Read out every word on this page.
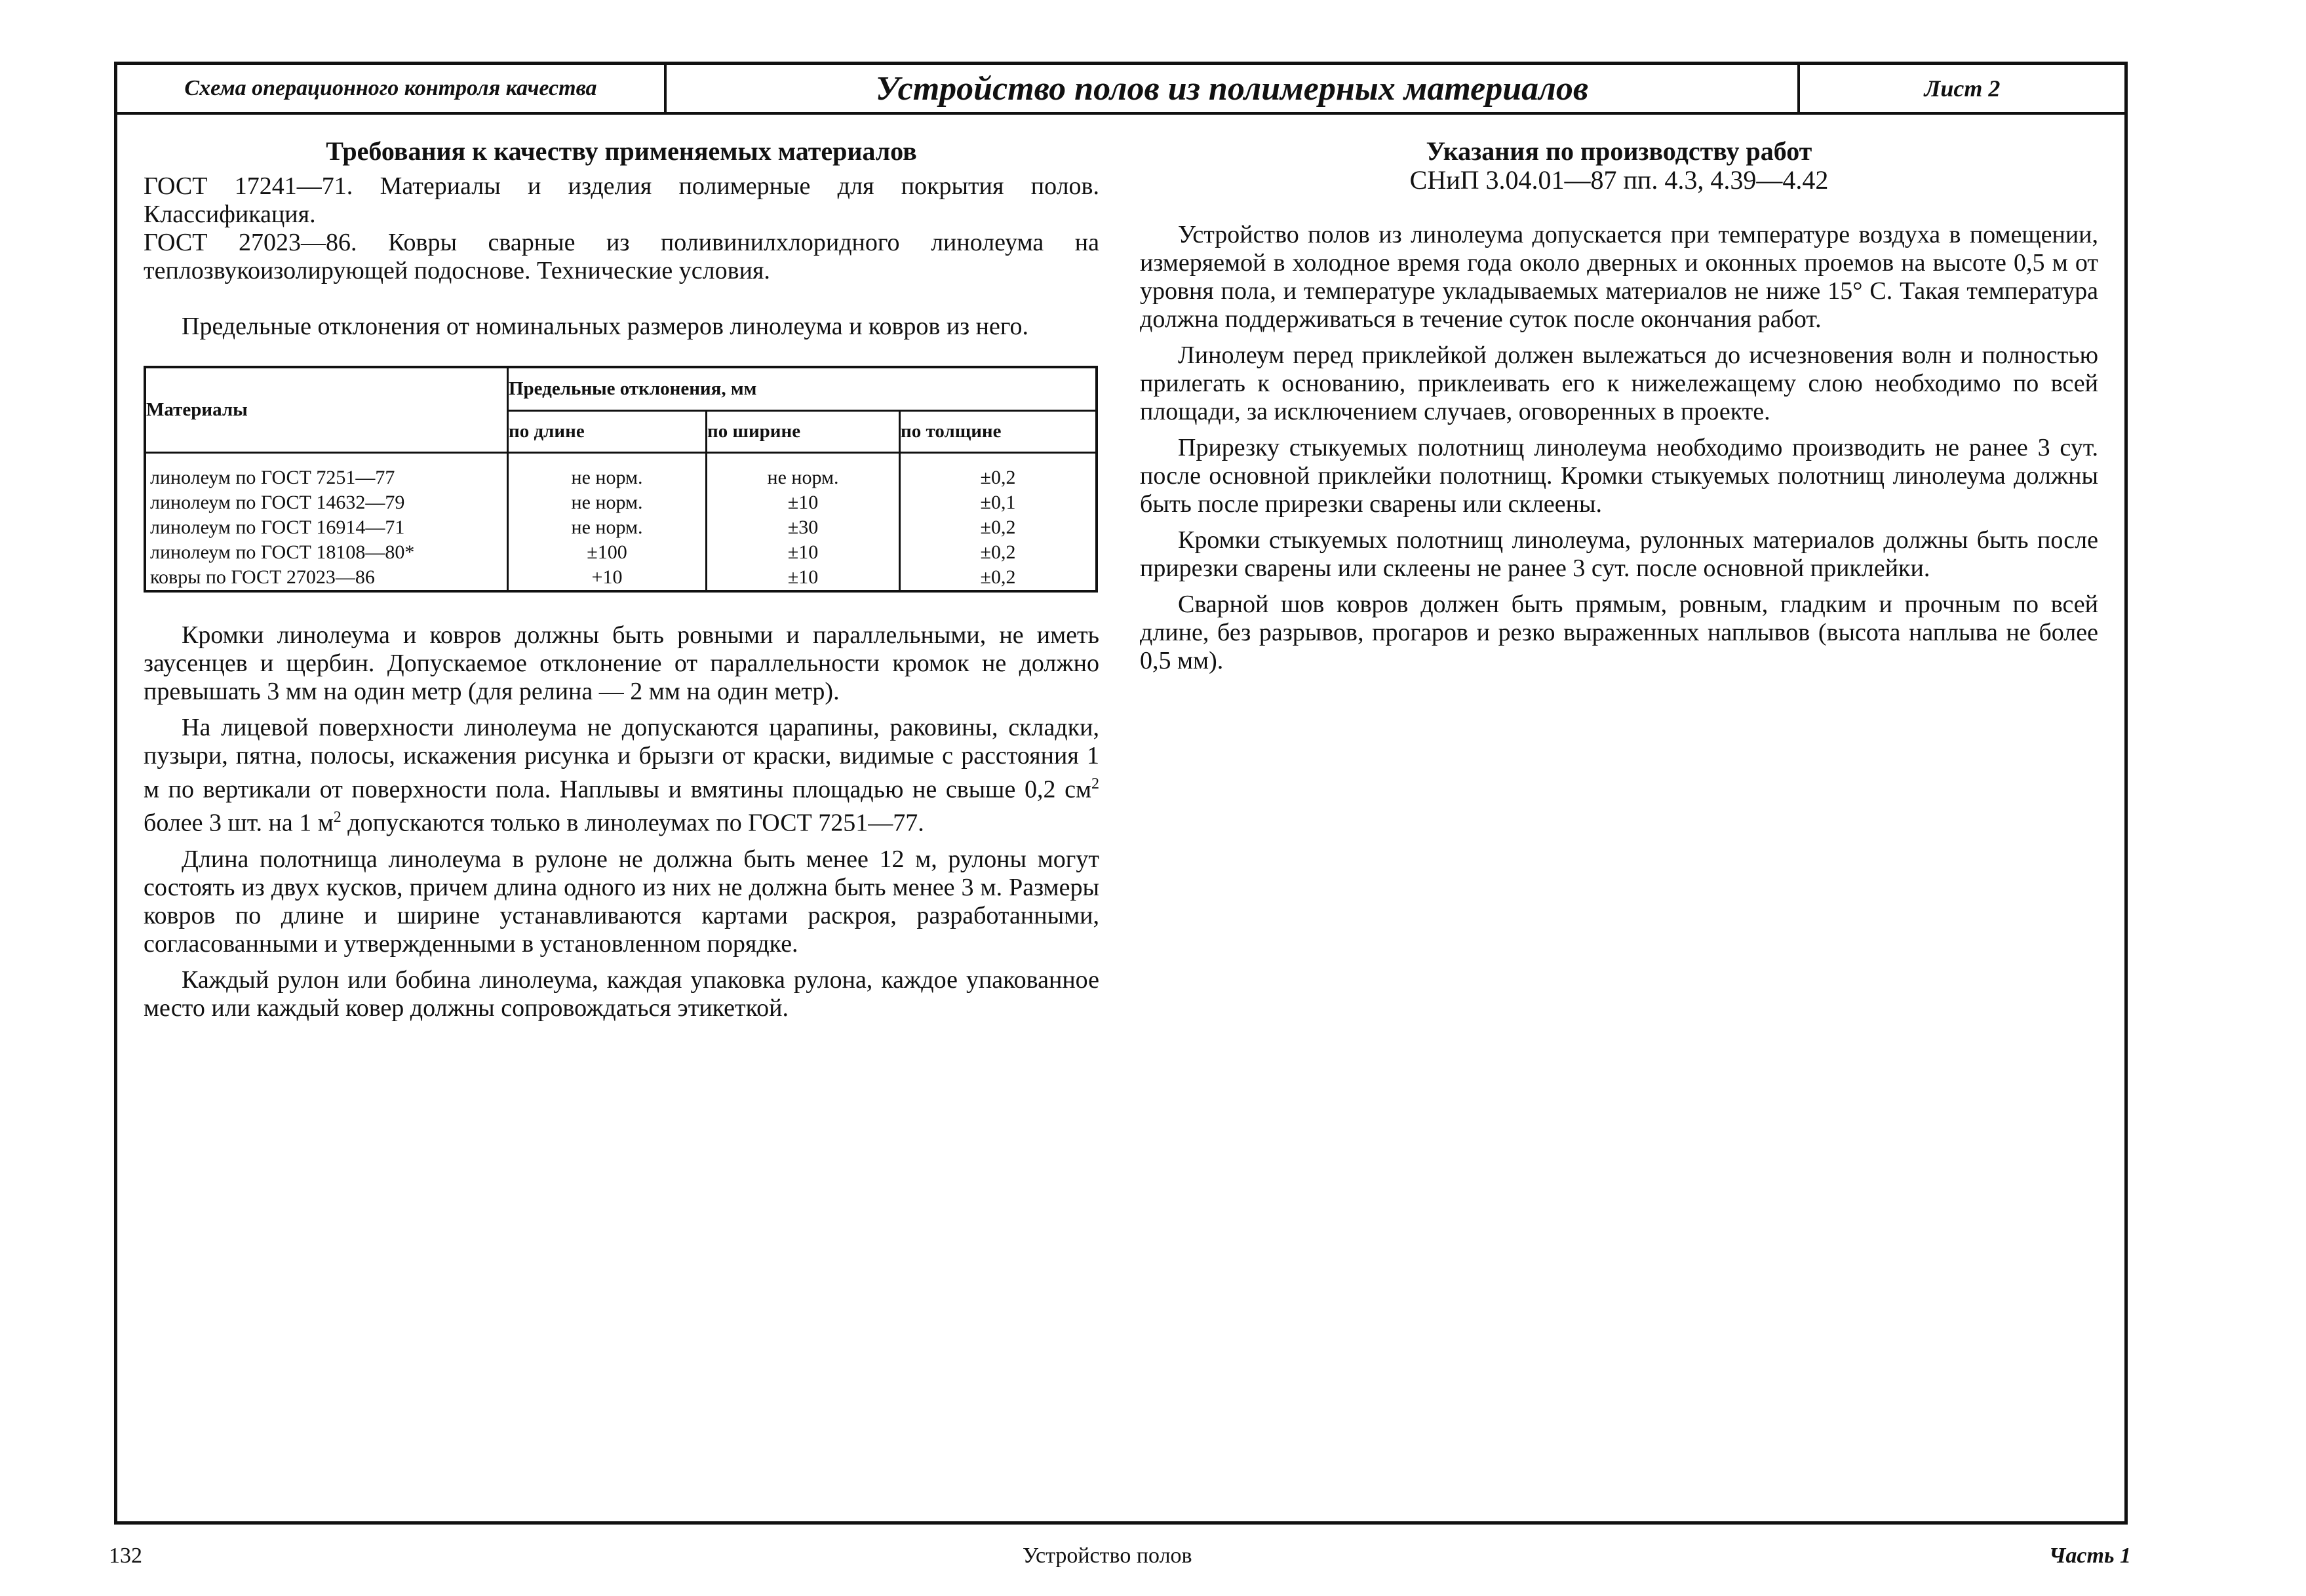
Схема операционного контроля качества	Устройство полов из полимерных материалов	Лист 2

Требования к качеству применяемых материалов

ГОСТ 17241—71. Материалы и изделия полимерные для покрытия полов. Классификация.

ГОСТ 27023—86. Ковры сварные из поливинилхлоридного линолеума на теплозвукоизолирующей подоснове. Технические условия.

Предельные отклонения от номинальных размеров линолеума и ковров из него.

Материалы	Предельные отклонения, мм		
	по длине	по ширине	по толщине

линолеум по ГОСТ 7251—77	не норм.	не норм.	±0,2
линолеум по ГОСТ 14632—79	не норм.	±10	±0,1
линолеум по ГОСТ 16914—71	не норм.	±30	±0,2
линолеум по ГОСТ 18108—80*	±100	±10	±0,2
ковры по ГОСТ 27023—86	+10	±10	±0,2

Кромки линолеума и ковров должны быть ровными и параллельными, не иметь заусенцев и щербин. Допускаемое отклонение от параллельности кромок не должно превышать 3 мм на один метр (для релина — 2 мм на один метр).

На лицевой поверхности линолеума не допускаются царапины, раковины, складки, пузыри, пятна, полосы, искажения рисунка и брызги от краски, видимые с расстояния 1 м по вертикали от поверхности пола. Наплывы и вмятины площадью не свыше 0,2 $см^2$ более 3 шт. на 1 $м^2$ допускаются только в линолеумах по ГОСТ 7251—77.

Длина полотнища линолеума в рулоне не должна быть менее 12 м, рулоны могут состоять из двух кусков, причем длина одного из них не должна быть менее 3 м. Размеры ковров по длине и ширине устанавливаются картами раскроя, разработанными, согласованными и утвержденными в установленном порядке.

Каждый рулон или бобина линолеума, каждая упаковка рулона, каждое упакованное место или каждый ковер должны сопровождаться этикеткой.

Указания по производству работ

СНиП 3.04.01—87 пп. 4.3, 4.39—4.42

Устройство полов из линолеума допускается при температуре воздуха в помещении, измеряемой в холодное время года около дверных и оконных проемов на высоте 0,5 м от уровня пола, и температуре укладываемых материалов не ниже 15° С. Такая температура должна поддерживаться в течение суток после окончания работ.

Линолеум перед приклейкой должен вылежаться до исчезновения волн и полностью прилегать к основанию, приклеивать его к нижележащему слою необходимо по всей площади, за исключением случаев, оговоренных в проекте.

Прирезку стыкуемых полотнищ линолеума необходимо производить не ранее 3 сут. после основной приклейки полотнищ. Кромки стыкуемых полотнищ линолеума должны быть после прирезки сварены или склеены.

Кромки стыкуемых полотнищ линолеума, рулонных материалов должны быть после прирезки сварены или склеены не ранее 3 сут. после основной приклейки.

Сварной шов ковров должен быть прямым, ровным, гладким и прочным по всей длине, без разрывов, прогаров и резко выраженных наплывов (высота наплыва не более 0,5 мм).

132	Устройство полов	Часть 1
